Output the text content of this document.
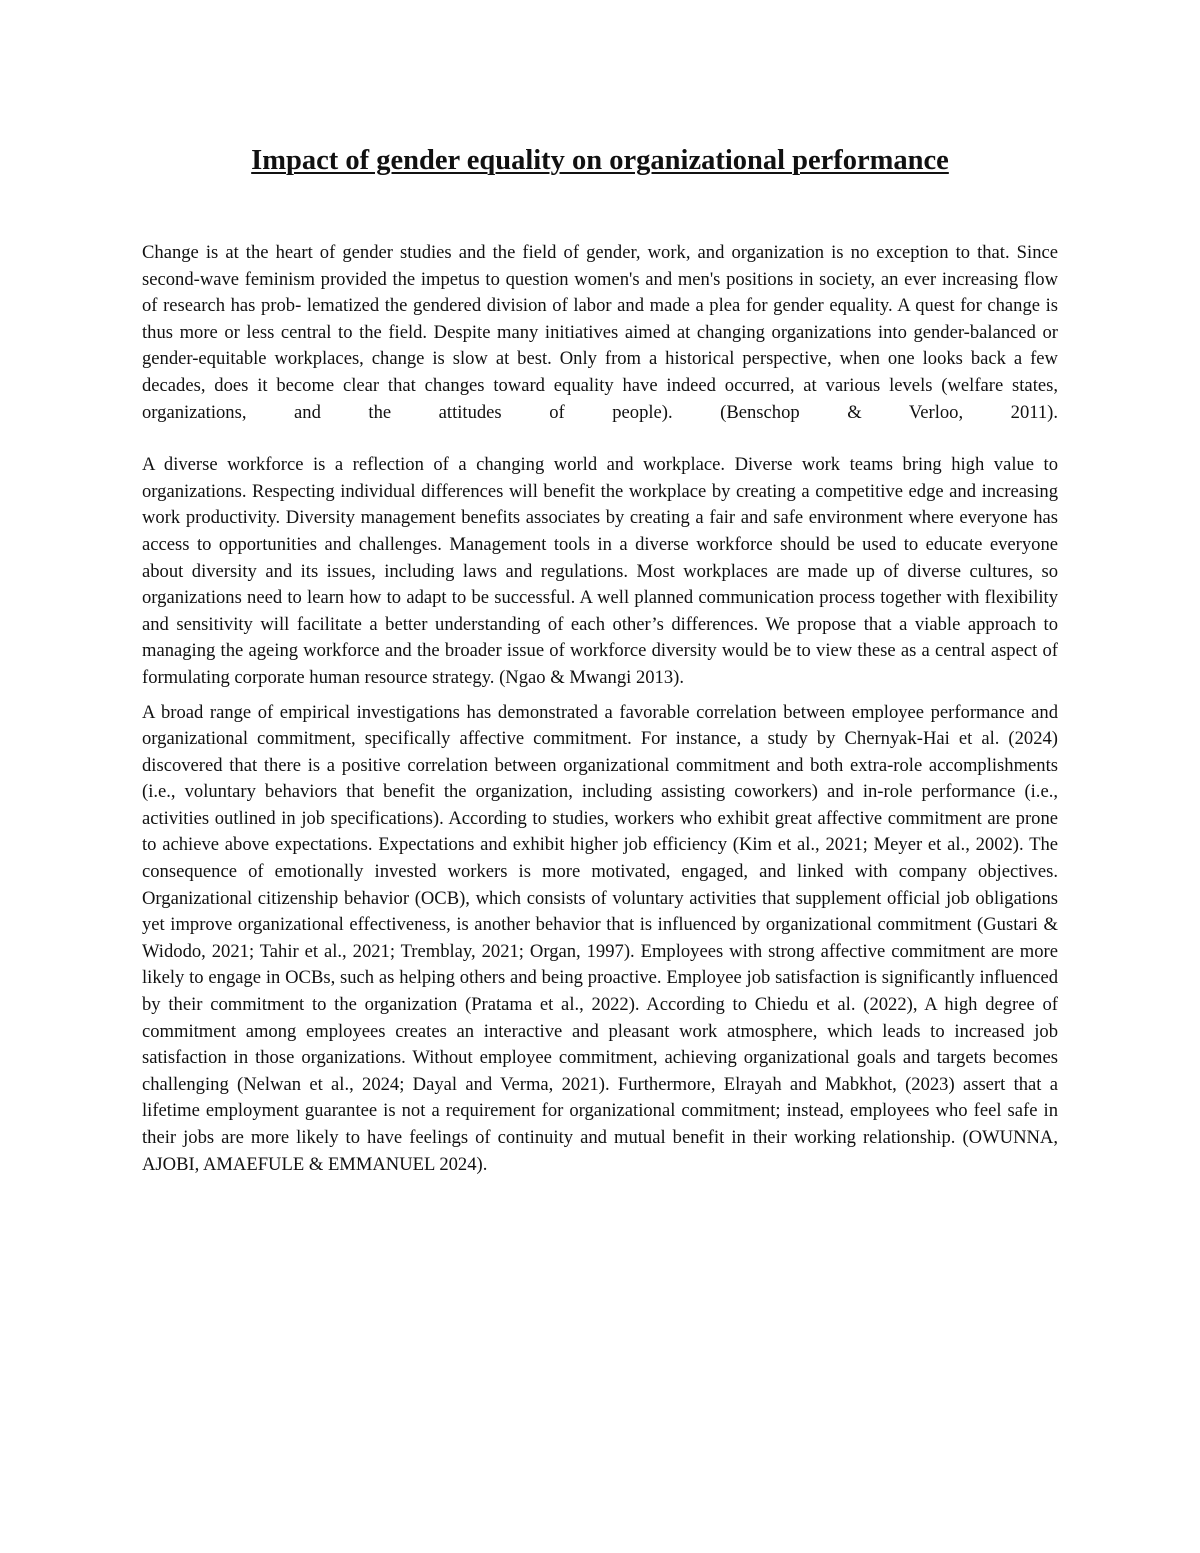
Impact of gender equality on organizational performance

Change is at the heart of gender studies and the field of gender, work, and organization is no exception to that. Since second-wave feminism provided the impetus to question women's and men's positions in society, an ever increasing flow of research has prob- lematized the gendered division of labor and made a plea for gender equality. A quest for change is thus more or less central to the field. Despite many initiatives aimed at changing organizations into gender-balanced or gender-equitable workplaces, change is slow at best. Only from a historical perspective, when one looks back a few decades, does it become clear that changes toward equality have indeed occurred, at various levels (welfare states, organizations, and the attitudes of people). (Benschop & Verloo, 2011).

A diverse workforce is a reflection of a changing world and workplace. Diverse work teams bring high value to organizations. Respecting individual differences will benefit the workplace by creating a competitive edge and increasing work productivity. Diversity management benefits associates by creating a fair and safe environment where everyone has access to opportunities and challenges. Management tools in a diverse workforce should be used to educate everyone about diversity and its issues, including laws and regulations. Most workplaces are made up of diverse cultures, so organizations need to learn how to adapt to be successful. A well planned communication process together with flexibility and sensitivity will facilitate a better understanding of each other’s differences. We propose that a viable approach to managing the ageing workforce and the broader issue of workforce diversity would be to view these as a central aspect of formulating corporate human resource strategy. (Ngao & Mwangi 2013).

A broad range of empirical investigations has demonstrated a favorable correlation between employee performance and organizational commitment, specifically affective commitment. For instance, a study by Chernyak-Hai et al. (2024) discovered that there is a positive correlation between organizational commitment and both extra-role accomplishments (i.e., voluntary behaviors that benefit the organization, including assisting coworkers) and in-role performance (i.e., activities outlined in job specifications). According to studies, workers who exhibit great affective commitment are prone to achieve above expectations. Expectations and exhibit higher job efficiency (Kim et al., 2021; Meyer et al., 2002). The consequence of emotionally invested workers is more motivated, engaged, and linked with company objectives. Organizational citizenship behavior (OCB), which consists of voluntary activities that supplement official job obligations yet improve organizational effectiveness, is another behavior that is influenced by organizational commitment (Gustari & Widodo, 2021; Tahir et al., 2021; Tremblay, 2021; Organ, 1997). Employees with strong affective commitment are more likely to engage in OCBs, such as helping others and being proactive. Employee job satisfaction is significantly influenced by their commitment to the organization (Pratama et al., 2022). According to Chiedu et al. (2022), A high degree of commitment among employees creates an interactive and pleasant work atmosphere, which leads to increased job satisfaction in those organizations. Without employee commitment, achieving organizational goals and targets becomes challenging (Nelwan et al., 2024; Dayal and Verma, 2021). Furthermore, Elrayah and Mabkhot, (2023) assert that a lifetime employment guarantee is not a requirement for organizational commitment; instead, employees who feel safe in their jobs are more likely to have feelings of continuity and mutual benefit in their working relationship. (OWUNNA, AJOBI, AMAEFULE & EMMANUEL 2024).
